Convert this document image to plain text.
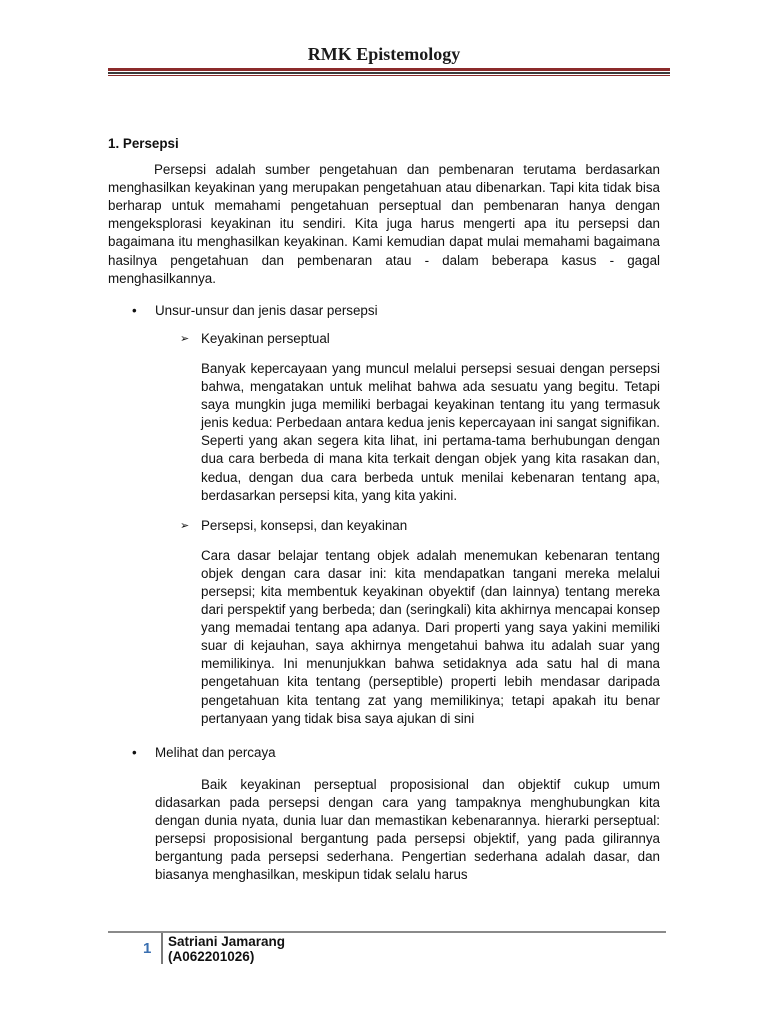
RMK Epistemology
1. Persepsi

Persepsi adalah sumber pengetahuan dan pembenaran terutama berdasarkan menghasilkan keyakinan yang merupakan pengetahuan atau dibenarkan. Tapi kita tidak bisa berharap untuk memahami pengetahuan perseptual dan pembenaran hanya dengan mengeksplorasi keyakinan itu sendiri. Kita juga harus mengerti apa itu persepsi dan bagaimana itu menghasilkan keyakinan. Kami kemudian dapat mulai memahami bagaimana hasilnya pengetahuan dan pembenaran atau - dalam beberapa kasus - gagal menghasilkannya.

• Unsur-unsur dan jenis dasar persepsi
➢ Keyakinan perseptual

Banyak kepercayaan yang muncul melalui persepsi sesuai dengan persepsi bahwa, mengatakan untuk melihat bahwa ada sesuatu yang begitu. Tetapi saya mungkin juga memiliki berbagai keyakinan tentang itu yang termasuk jenis kedua: Perbedaan antara kedua jenis kepercayaan ini sangat signifikan. Seperti yang akan segera kita lihat, ini pertama-tama berhubungan dengan dua cara berbeda di mana kita terkait dengan objek yang kita rasakan dan, kedua, dengan dua cara berbeda untuk menilai kebenaran tentang apa, berdasarkan persepsi kita, yang kita yakini.

➢ Persepsi, konsepsi, dan keyakinan

Cara dasar belajar tentang objek adalah menemukan kebenaran tentang objek dengan cara dasar ini: kita mendapatkan tangani mereka melalui persepsi; kita membentuk keyakinan obyektif (dan lainnya) tentang mereka dari perspektif yang berbeda; dan (seringkali) kita akhirnya mencapai konsep yang memadai tentang apa adanya. Dari properti yang saya yakini memiliki suar di kejauhan, saya akhirnya mengetahui bahwa itu adalah suar yang memilikinya. Ini menunjukkan bahwa setidaknya ada satu hal di mana pengetahuan kita tentang (perseptible) properti lebih mendasar daripada pengetahuan kita tentang zat yang memilikinya; tetapi apakah itu benar pertanyaan yang tidak bisa saya ajukan di sini

• Melihat dan percaya

Baik keyakinan perseptual proposisional dan objektif cukup umum didasarkan pada persepsi dengan cara yang tampaknya menghubungkan kita dengan dunia nyata, dunia luar dan memastikan kebenarannya. hierarki perseptual: persepsi proposisional bergantung pada persepsi objektif, yang pada gilirannya bergantung pada persepsi sederhana. Pengertian sederhana adalah dasar, dan biasanya menghasilkan, meskipun tidak selalu harus

1 Satriani Jamarang
(A062201026)
